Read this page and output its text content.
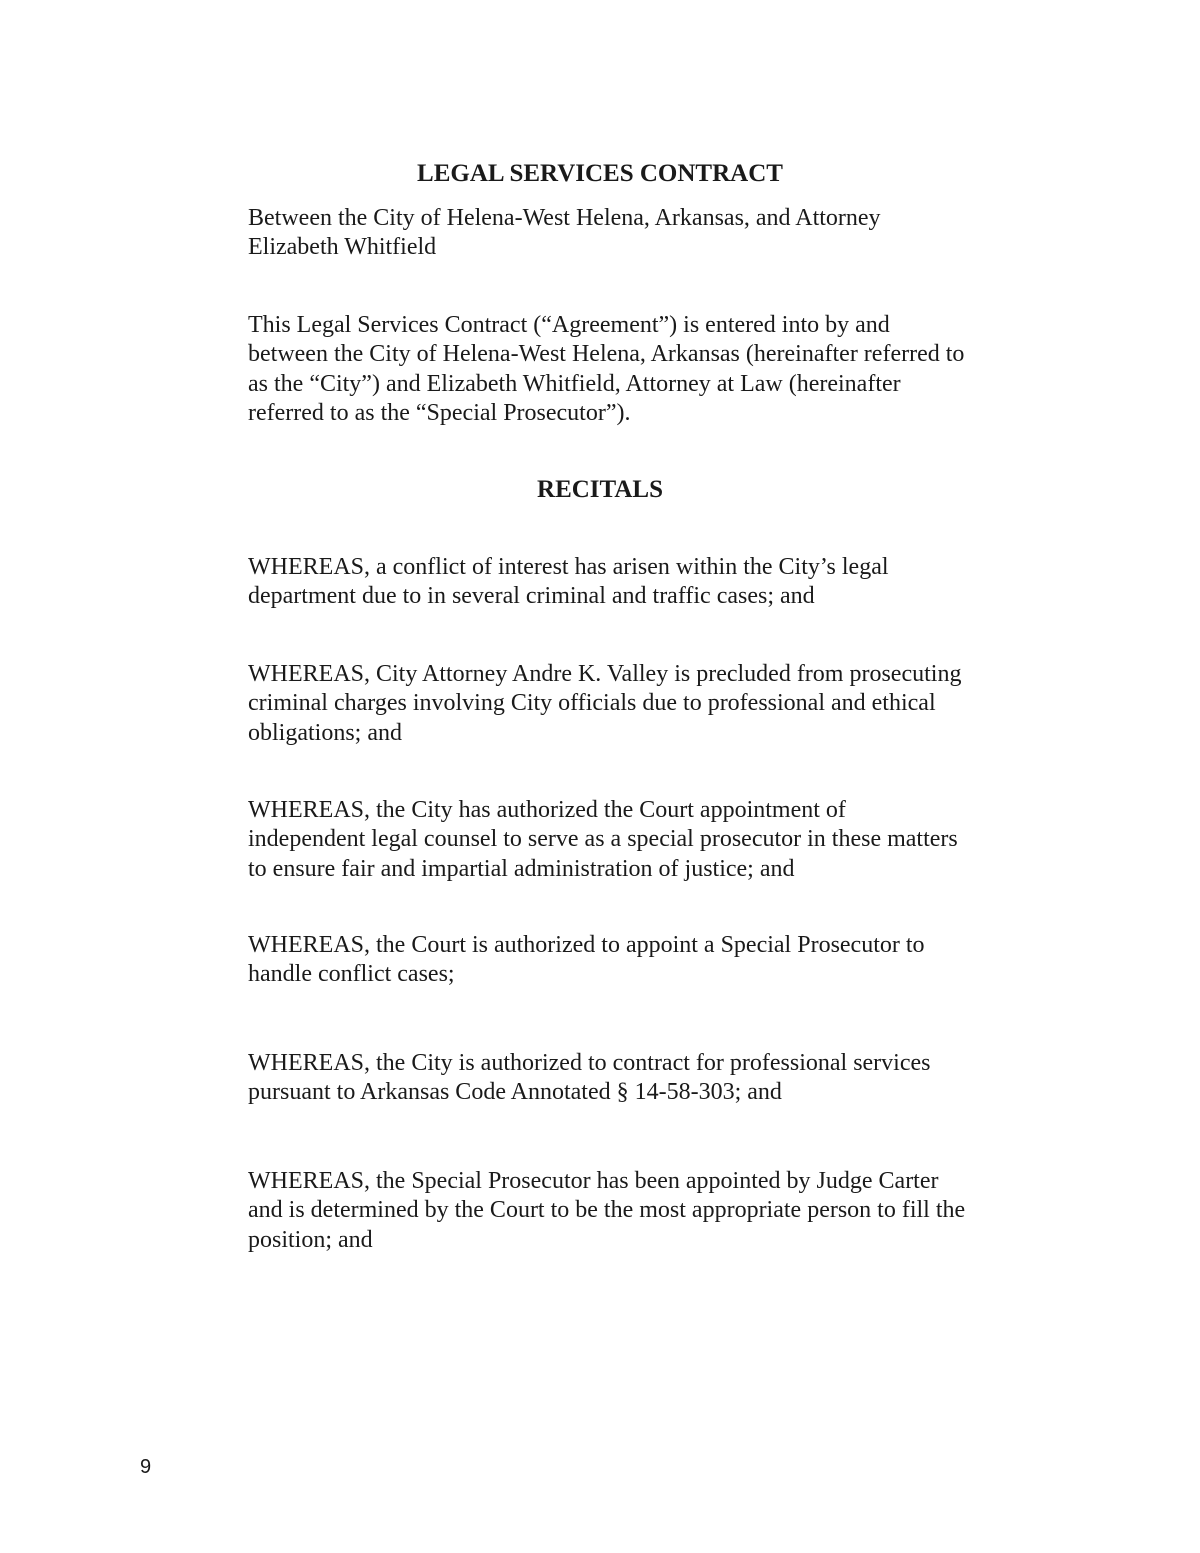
LEGAL SERVICES CONTRACT

Between the City of Helena-West Helena, Arkansas, and Attorney Elizabeth Whitfield

This Legal Services Contract (“Agreement”) is entered into by and between the City of Helena-West Helena, Arkansas (hereinafter referred to as the “City”) and Elizabeth Whitfield, Attorney at Law (hereinafter referred to as the “Special Prosecutor”).

RECITALS

WHEREAS, a conflict of interest has arisen within the City’s legal department due to in several criminal and traffic cases; and

WHEREAS, City Attorney Andre K. Valley is precluded from prosecuting criminal charges involving City officials due to professional and ethical obligations; and

WHEREAS, the City has authorized the Court appointment of independent legal counsel to serve as a special prosecutor in these matters to ensure fair and impartial administration of justice; and

WHEREAS, the Court is authorized to appoint a Special Prosecutor to handle conflict cases;

WHEREAS, the City is authorized to contract for professional services pursuant to Arkansas Code Annotated § 14-58-303; and

WHEREAS, the Special Prosecutor has been appointed by Judge Carter and is determined by the Court to be the most appropriate person to fill the position; and

9
